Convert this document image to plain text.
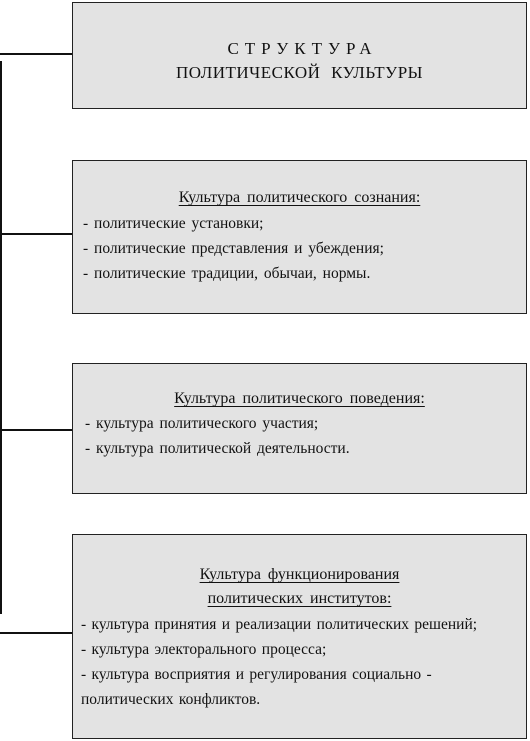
СТРУКТУРА
ПОЛИТИЧЕСКОЙ КУЛЬТУРЫ
Культура политического сознания:
- политические установки;
- политические представления и убеждения;
- политические традиции, обычаи, нормы.
Культура политического поведения:
- культура политического участия;
- культура политической деятельности.
Культура функционирования
политических институтов:
- культура принятия и реализации политических решений;
- культура электорального процесса;
- культура восприятия и регулирования социально -
политических конфликтов.
